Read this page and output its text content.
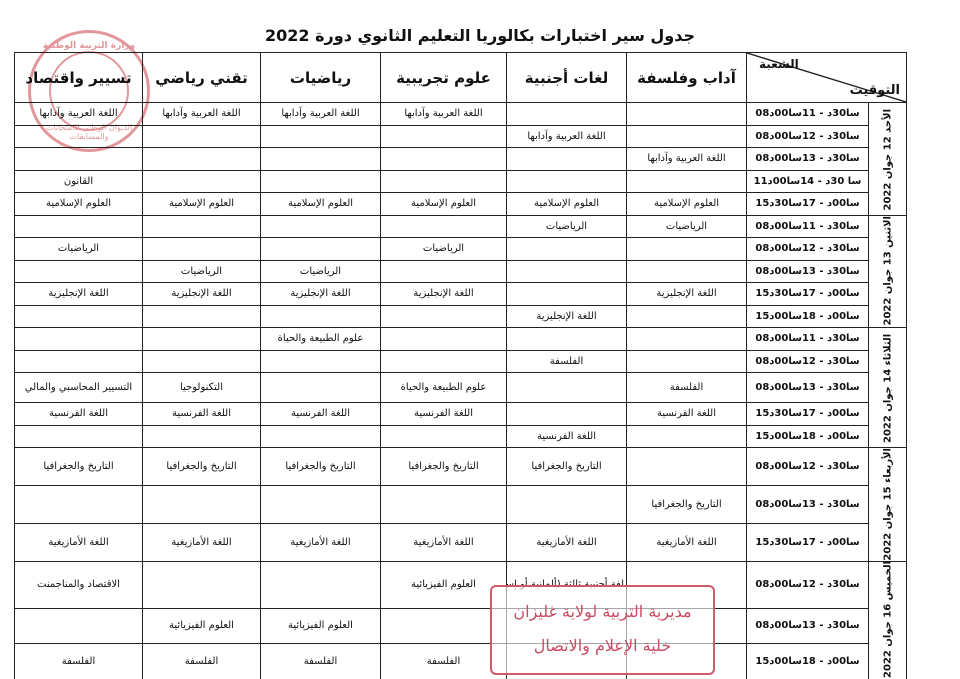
جدول سير اختبارات بكالوريا التعليم الثانوي دورة 2022
وزارة التربية الوطنية
الديوان الوطني للامتحانات والمسابقات
الشعبة
التوقيت		آداب وفلسفة	لغات أجنبية	علوم تجريبية	رياضيات	تقني رياضي	تسيير واقتصاد
الأحد 12 جوان 2022	08سا30د - 11سا00د			اللغة العربية وآدابها	اللغة العربية وآدابها	اللغة العربية وآدابها	اللغة العربية وآدابها
	08سا30د - 12سا00د		اللغة العربية وآدابها				
	08سا30د - 13سا00د	اللغة العربية وآدابها					
	11سا 30د - 14سا00د						القانون
	15سا00د - 17سا30د	العلوم الإسلامية	العلوم الإسلامية	العلوم الإسلامية	العلوم الإسلامية	العلوم الإسلامية	العلوم الإسلامية
الاثنين 13 جوان 2022	08سا30د - 11سا00د	الرياضيات	الرياضيات				
	08سا30د - 12سا00د			الرياضيات			الرياضيات
	08سا30د - 13سا00د				الرياضيات	الرياضيات	
	15سا00د - 17سا30د	اللغة الإنجليزية		اللغة الإنجليزية	اللغة الإنجليزية	اللغة الإنجليزية	اللغة الإنجليزية
	15سا00د - 18سا00د		اللغة الإنجليزية				
الثلاثاء 14 جوان 2022	08سا30د - 11سا00د				علوم الطبيعة والحياة		
	08سا30د - 12سا00د		الفلسفة				
	08سا30د - 13سا00د	الفلسفة		علوم الطبيعة والحياة		التكنولوجيا	التسيير المحاسبي والمالي
	15سا00د - 17سا30د	اللغة الفرنسية		اللغة الفرنسية	اللغة الفرنسية	اللغة الفرنسية	اللغة الفرنسية
	15سا00د - 18سا00د		اللغة الفرنسية				
الأربعاء 15 جوان 2022	08سا30د - 12سا00د		التاريخ والجغرافيا	التاريخ والجغرافيا	التاريخ والجغرافيا	التاريخ والجغرافيا	التاريخ والجغرافيا
	08سا30د - 13سا00د	التاريخ والجغرافيا					
	15سا00د - 17سا30د	اللغة الأمازيغية	اللغة الأمازيغية	اللغة الأمازيغية	اللغة الأمازيغية	اللغة الأمازيغية	اللغة الأمازيغية
الخميس 16 جوان 2022	08سا30د - 12سا00د			العلوم الفيزيائية			الاقتصاد والمناجمنت
	08سا30د - 13سا00د				العلوم الفيزيائية	العلوم الفيزيائية	
	15سا00د - 18سا00د			الفلسفة	الفلسفة	الفلسفة	الفلسفة
مديرية التربية لولاية غليزان
خلية الإعلام والاتصال
